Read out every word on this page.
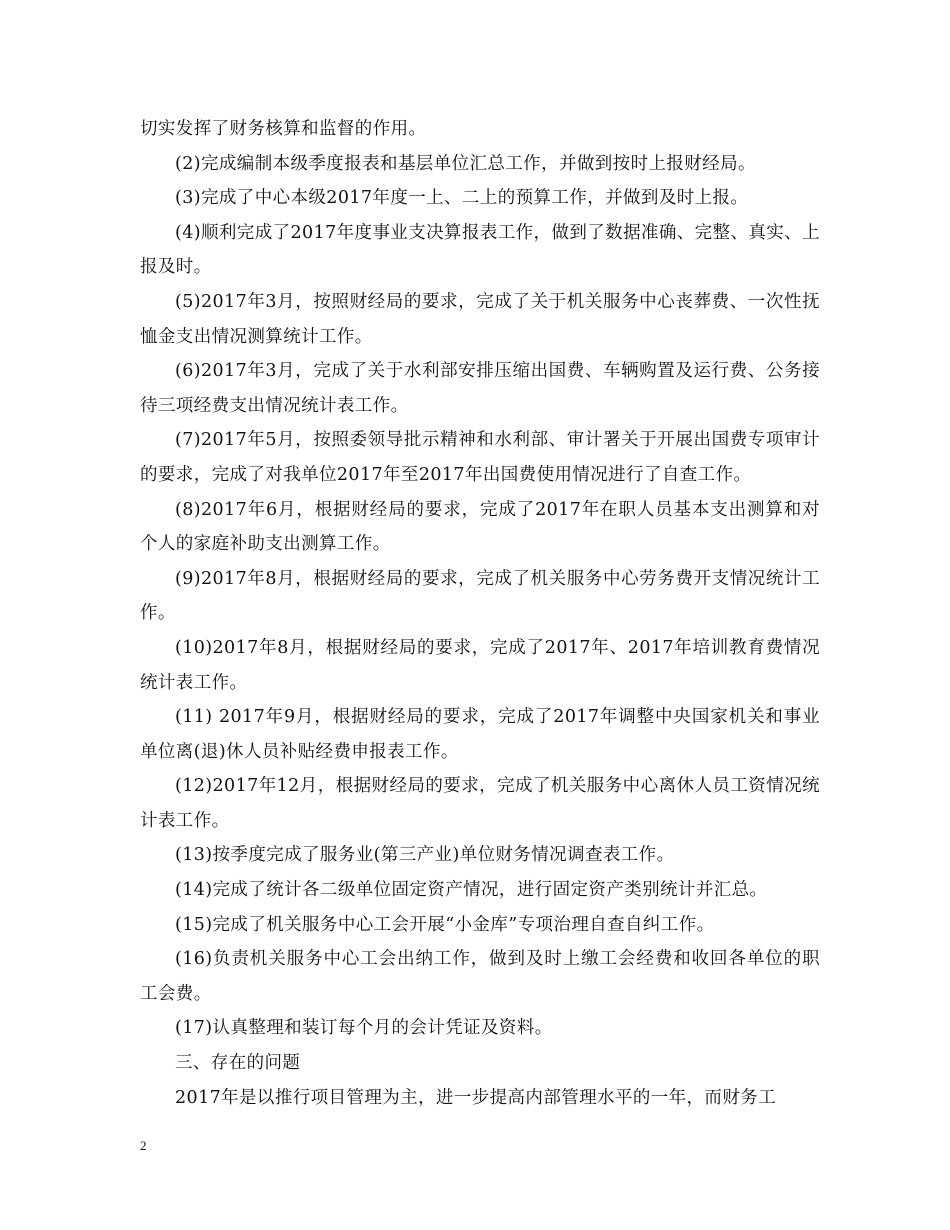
切实发挥了财务核算和监督的作用。

(2)完成编制本级季度报表和基层单位汇总工作，并做到按时上报财经局。

(3)完成了中心本级2017年度一上、二上的预算工作，并做到及时上报。

(4)顺利完成了2017年度事业支决算报表工作，做到了数据准确、完整、真实、上报及时。

(5)2017年3月，按照财经局的要求，完成了关于机关服务中心丧葬费、一次性抚恤金支出情况测算统计工作。

(6)2017年3月，完成了关于水利部安排压缩出国费、车辆购置及运行费、公务接待三项经费支出情况统计表工作。

(7)2017年5月，按照委领导批示精神和水利部、审计署关于开展出国费专项审计的要求，完成了对我单位2017年至2017年出国费使用情况进行了自查工作。

(8)2017年6月，根据财经局的要求，完成了2017年在职人员基本支出测算和对个人的家庭补助支出测算工作。

(9)2017年8月，根据财经局的要求，完成了机关服务中心劳务费开支情况统计工作。

(10)2017年8月，根据财经局的要求，完成了2017年、2017年培训教育费情况统计表工作。

(11) 2017年9月，根据财经局的要求，完成了2017年调整中央国家机关和事业单位离(退)休人员补贴经费申报表工作。

(12)2017年12月，根据财经局的要求，完成了机关服务中心离休人员工资情况统计表工作。

(13)按季度完成了服务业(第三产业)单位财务情况调查表工作。

(14)完成了统计各二级单位固定资产情况，进行固定资产类别统计并汇总。

(15)完成了机关服务中心工会开展“小金库”专项治理自查自纠工作。

(16)负责机关服务中心工会出纳工作，做到及时上缴工会经费和收回各单位的职工会费。

(17)认真整理和装订每个月的会计凭证及资料。

三、存在的问题

2017年是以推行项目管理为主，进一步提高内部管理水平的一年，而财务工

2
